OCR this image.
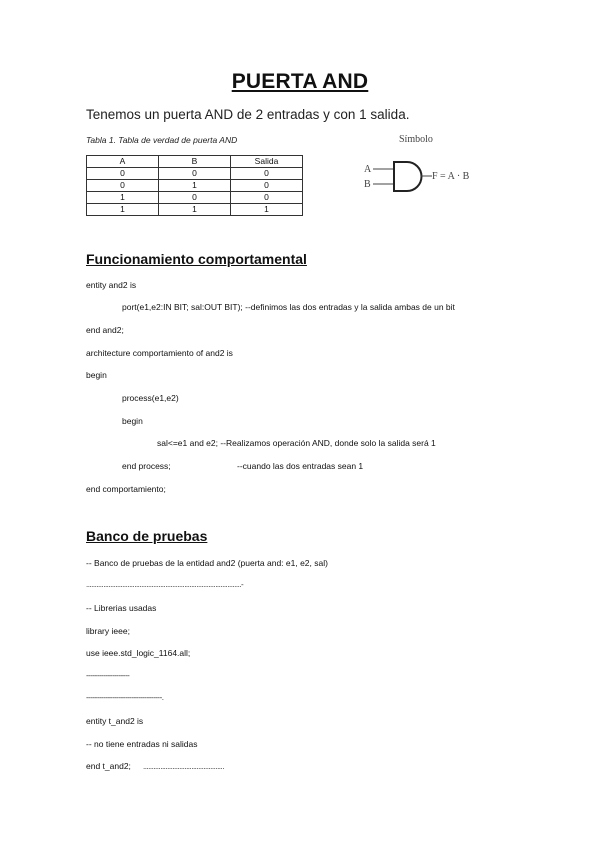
PUERTA AND
Tenemos un puerta AND de 2 entradas y con 1 salida.
Tabla 1. Tabla de verdad de puerta AND
A	B	Salida
0	0	0
0	1	0
1	0	0
1	1	1
Símbolo
A
B
F = A · B
Funcionamiento comportamental
entity and2 is
port(e1,e2:IN BIT; sal:OUT BIT); --definimos las dos entradas y la salida ambas de un bit
end and2;
architecture comportamiento of and2 is
begin
process(e1,e2)
begin
sal<=e1 and e2; --Realizamos operación AND, donde solo la salida será 1
end process;	--cuando las dos entradas sean 1
end comportamiento;
Banco de pruebas
-- Banco de pruebas de la entidad and2 (puerta and: e1, e2, sal)
..........................................................................................-
-- Librerias usadas
library ieee;
use ieee.std_logic_1164.all;
--------------------
-----------------------------------.
entity t_and2 is
-- no tiene entradas ni salidas
end t_and2; ...............................................
